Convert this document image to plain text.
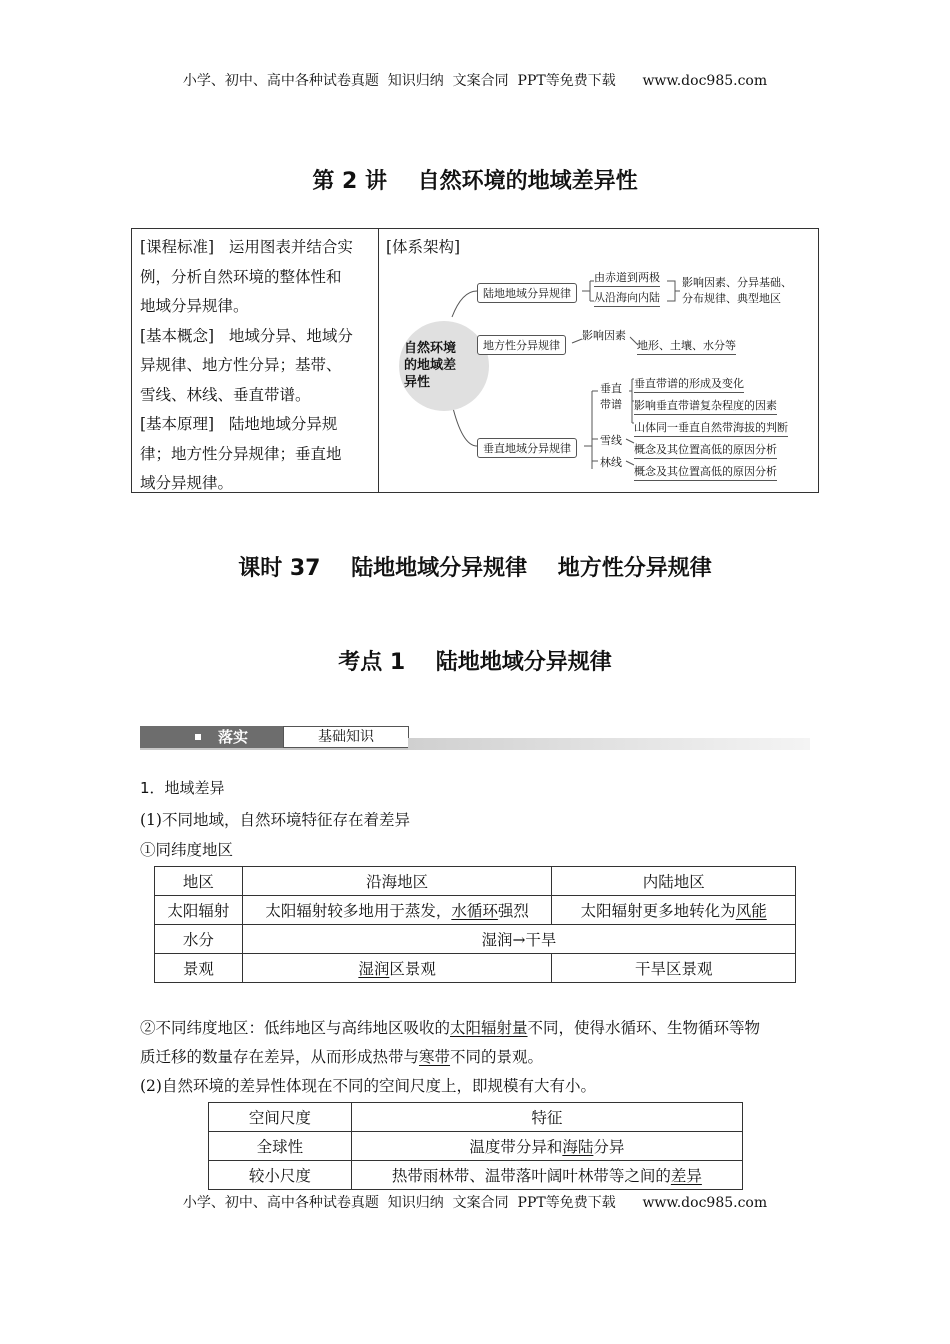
小学、初中、高中各种试卷真题  知识归纳  文案合同  PPT等免费下载      www.doc985.com
第 2 讲    自然环境的地域差异性

[课程标准]   运用图表并结合实

例，分析自然环境的整体性和

地域分异规律。

[基本概念]   地域分异、地域分

异规律、地方性分异；基带、

雪线、林线、垂直带谱。

[基本原理]   陆地地域分异规

律；地方性分异规律；垂直地

域分异规律。

[体系架构]
自然环境
的地域差
异性
陆地地域分异规律
由赤道到两极
从沿海向内陆
影响因素、分异基础、
分布规律、典型地区
地方性分异规律
影响因素
地形、土壤、水分等
垂直地域分异规律
垂直
带谱
垂直带谱的形成及变化
影响垂直带谱复杂程度的因素
山体同一垂直自然带海拔的判断
雪线
概念及其位置高低的原因分析
林线
概念及其位置高低的原因分析
课时 37    陆地地域分异规律    地方性分异规律
考点 1    陆地地域分异规律
落实	基础知识
1．地域差异
(1)不同地域，自然环境特征存在着差异
①同纬度地区
地区	沿海地区	内陆地区
太阳辐射	太阳辐射较多地用于蒸发，水循环强烈	太阳辐射更多地转化为风能
水分	湿润→干旱	
景观	湿润区景观	干旱区景观
②不同纬度地区：低纬地区与高纬地区吸收的太阳辐射量不同，使得水循环、生物循环等物
质迁移的数量存在差异，从而形成热带与寒带不同的景观。
(2)自然环境的差异性体现在不同的空间尺度上，即规模有大有小。
空间尺度	特征
全球性	温度带分异和海陆分异
较小尺度	热带雨林带、温带落叶阔叶林带等之间的差异
小学、初中、高中各种试卷真题  知识归纳  文案合同  PPT等免费下载      www.doc985.com
